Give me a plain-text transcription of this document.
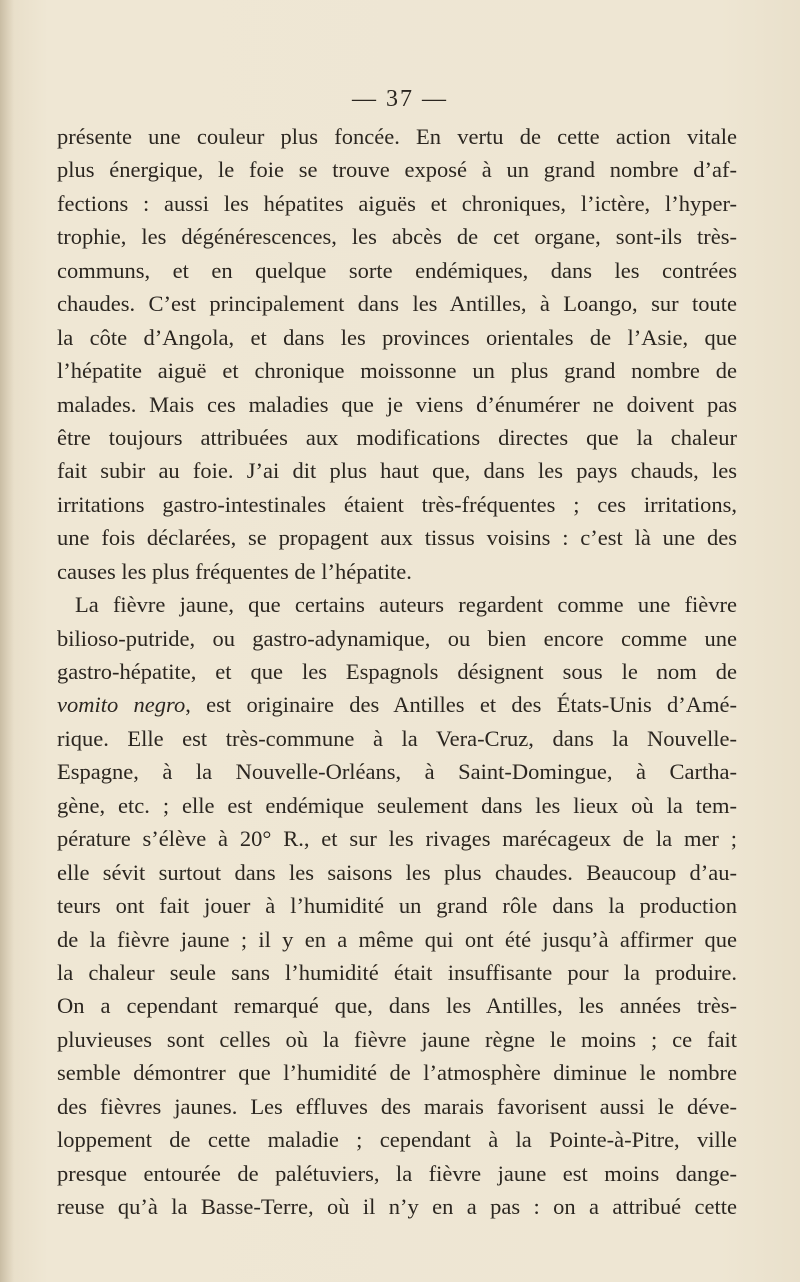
— 37 —
présente une couleur plus foncée. En vertu de cette action vitale
plus énergique, le foie se trouve exposé à un grand nombre d’af-
fections : aussi les hépatites aiguës et chroniques, l’ictère, l’hyper-
trophie, les dégénérescences, les abcès de cet organe, sont-ils très-
communs, et en quelque sorte endémiques, dans les contrées
chaudes. C’est principalement dans les Antilles, à Loango, sur toute
la côte d’Angola, et dans les provinces orientales de l’Asie, que
l’hépatite aiguë et chronique moissonne un plus grand nombre de
malades. Mais ces maladies que je viens d’énumérer ne doivent pas
être toujours attribuées aux modifications directes que la chaleur
fait subir au foie. J’ai dit plus haut que, dans les pays chauds, les
irritations gastro-intestinales étaient très-fréquentes ; ces irritations,
une fois déclarées, se propagent aux tissus voisins : c’est là une des
causes les plus fréquentes de l’hépatite.
La fièvre jaune, que certains auteurs regardent comme une fièvre
bilioso-putride, ou gastro-adynamique, ou bien encore comme une
gastro-hépatite, et que les Espagnols désignent sous le nom de
vomito negro, est originaire des Antilles et des États-Unis d’Amé-
rique. Elle est très-commune à la Vera-Cruz, dans la Nouvelle-
Espagne, à la Nouvelle-Orléans, à Saint-Domingue, à Cartha-
gène, etc. ; elle est endémique seulement dans les lieux où la tem-
pérature s’élève à 20° R., et sur les rivages marécageux de la mer ;
elle sévit surtout dans les saisons les plus chaudes. Beaucoup d’au-
teurs ont fait jouer à l’humidité un grand rôle dans la production
de la fièvre jaune ; il y en a même qui ont été jusqu’à affirmer que
la chaleur seule sans l’humidité était insuffisante pour la produire.
On a cependant remarqué que, dans les Antilles, les années très-
pluvieuses sont celles où la fièvre jaune règne le moins ; ce fait
semble démontrer que l’humidité de l’atmosphère diminue le nombre
des fièvres jaunes. Les effluves des marais favorisent aussi le déve-
loppement de cette maladie ; cependant à la Pointe-à-Pitre, ville
presque entourée de palétuviers, la fièvre jaune est moins dange-
reuse qu’à la Basse-Terre, où il n’y en a pas : on a attribué cette
